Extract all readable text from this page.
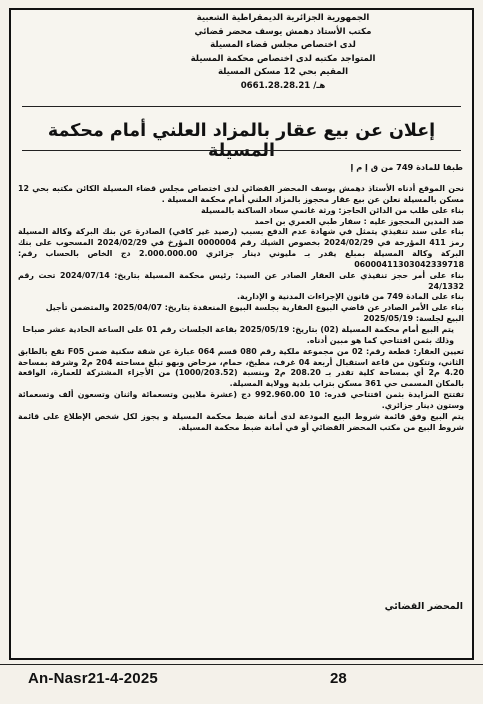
الجمهورية الجزائرية الديمقراطية الشعبية
مكتب الأستاذ دهمش يوسف محضر قضائي
لدى اختصاص مجلس قضاء المسيلة
المتواجد مكتبه لدى اختصاص محكمة المسيلة
المقيم بحي 12 مسكن المسيلة
هـ/ 0661.28.28.21
إعلان عن بيع عقار بالمزاد العلني أمام محكمة المسيلة
طبقا للمادة 749 من ق إ م إ

نحن الموقع أدناه الأستاذ دهمش يوسف المحضر القضائي لدى اختصاص مجلس قضاء المسيلة الكائن مكتبه بحي 12 مسكن بالمسيلة نعلن عن بيع عقار محجوز بالمزاد العلني أمام محكمة المسيلة .

بناء على طلب من الدائن الحاجز: ورثة غانمي سعاد الساكنة بالمسيلة

ضد المدين المحجوز عليه : سفار طبي العمري بن احمد

بناء على سند تنفيذي يتمثل في شهادة عدم الدفع بسبب (رصيد غير كافي) الصادرة عن بنك البركة وكالة المسيلة رمز 411 المؤرخة في 2024/02/29 بخصوص الشيك رقم 0000004 المؤرخ في 2024/02/29 المسحوب على بنك البركة وكالة المسيلة بمبلغ يقدر بـ مليوني دينار جزائري 2.000.000.00 دج الخاص بالحساب رقم: 06000411303042339718

بناء على أمر حجز تنفيذي على العقار الصادر عن السيد: رئيس محكمة المسيلة بتاريخ: 2024/07/14 تحت رقم 24/1332

بناء على المادة 749 من قانون الإجراءات المدنية و الإدارية.

بناء على الأمر الصادر عن قاضي البيوع العقارية بجلسة البيوع المنعقدة بتاريخ: 2025/04/07 والمتضمن تأجيل

البيع لجلسة: 2025/05/19

يتم البيع أمام محكمة المسيلة (02) بتاريخ: 2025/05/19 بقاعة الجلسات رقم 01 على الساعة الحادية عشر صباحا

وذلك بثمن افتتاحي كما هو مبين أدناه.

تعيين العقار: قطعة رقم: 02 من مجموعة ملكية رقم 080 قسم 064 عبارة عن شقة سكنية ضمن F05 تقع بالطابق الثاني، وتتكون من قاعة استقبال أربعة 04 غرف، مطبخ، حمام، مرحاض وبهو تبلغ مساحته 204 م2 وشرفة بمساحة 4.20 م2 أي بمساحة كلية تقدر بـ 208.20 م2 وبنسبة (1000/203.52) من الأجزاء المشتركة للعمارة، الواقعة بالمكان المسمى حي 361 مسكن بتراب بلدية وولاية المسيلة.

تفتتح المزايدة بثمن افتتاحي قدره: 10 992.960.00 دج (عشرة ملايين وتسعمائة واثنان وتسعون ألف وتسعمائة وستون دينار جزائري.

يتم البيع وفق قائمة شروط البيع المودعة لدى أمانة ضبط محكمة المسيلة و يجوز لكل شخص الإطلاع على قائمة شروط البيع من مكتب المحضر القضائي أو في أمانة ضبط محكمة المسيلة.

المحضر القضائي
An-Nasr21-4-2025	28
